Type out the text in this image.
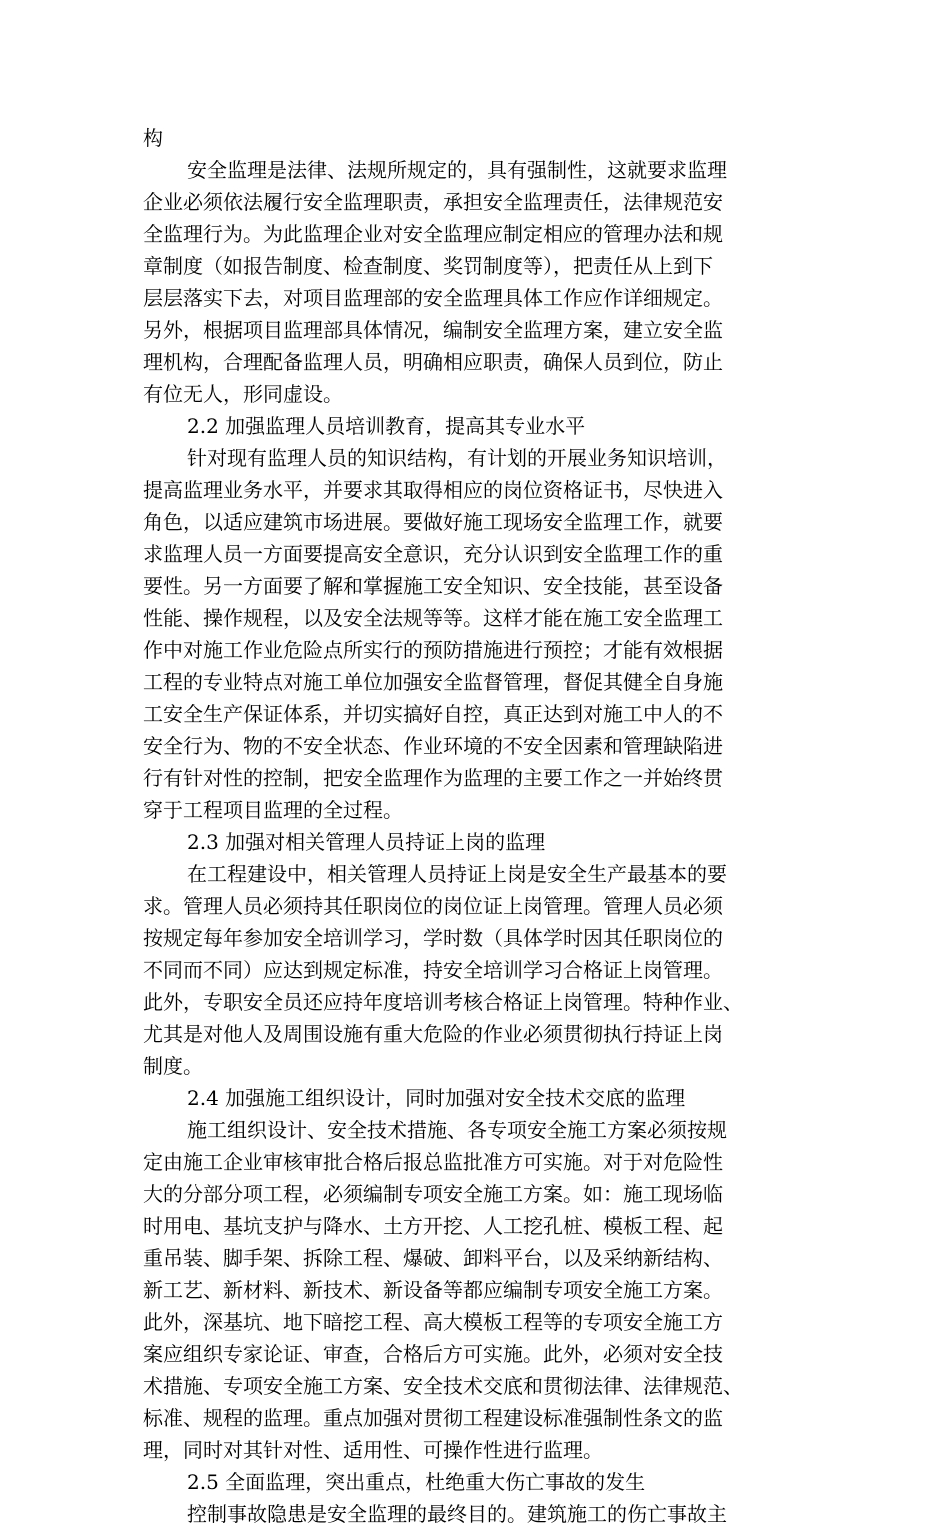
构
安全监理是法律、法规所规定的，具有强制性，这就要求监理
企业必须依法履行安全监理职责，承担安全监理责任，法律规范安
全监理行为。为此监理企业对安全监理应制定相应的管理办法和规
章制度（如报告制度、检查制度、奖罚制度等），把责任从上到下
层层落实下去，对项目监理部的安全监理具体工作应作详细规定。
另外，根据项目监理部具体情况，编制安全监理方案，建立安全监
理机构，合理配备监理人员，明确相应职责，确保人员到位，防止
有位无人，形同虚设。
2.2 加强监理人员培训教育，提高其专业水平
针对现有监理人员的知识结构，有计划的开展业务知识培训，
提高监理业务水平，并要求其取得相应的岗位资格证书，尽快进入
角色，以适应建筑市场进展。要做好施工现场安全监理工作，就要
求监理人员一方面要提高安全意识，充分认识到安全监理工作的重
要性。另一方面要了解和掌握施工安全知识、安全技能，甚至设备
性能、操作规程，以及安全法规等等。这样才能在施工安全监理工
作中对施工作业危险点所实行的预防措施进行预控；才能有效根据
工程的专业特点对施工单位加强安全监督管理，督促其健全自身施
工安全生产保证体系，并切实搞好自控，真正达到对施工中人的不
安全行为、物的不安全状态、作业环境的不安全因素和管理缺陷进
行有针对性的控制，把安全监理作为监理的主要工作之一并始终贯
穿于工程项目监理的全过程。
2.3 加强对相关管理人员持证上岗的监理
在工程建设中，相关管理人员持证上岗是安全生产最基本的要
求。管理人员必须持其任职岗位的岗位证上岗管理。管理人员必须
按规定每年参加安全培训学习，学时数（具体学时因其任职岗位的
不同而不同）应达到规定标准，持安全培训学习合格证上岗管理。
此外，专职安全员还应持年度培训考核合格证上岗管理。特种作业、
尤其是对他人及周围设施有重大危险的作业必须贯彻执行持证上岗
制度。
2.4 加强施工组织设计，同时加强对安全技术交底的监理
施工组织设计、安全技术措施、各专项安全施工方案必须按规
定由施工企业审核审批合格后报总监批准方可实施。对于对危险性
大的分部分项工程，必须编制专项安全施工方案。如：施工现场临
时用电、基坑支护与降水、土方开挖、人工挖孔桩、模板工程、起
重吊装、脚手架、拆除工程、爆破、卸料平台，以及采纳新结构、
新工艺、新材料、新技术、新设备等都应编制专项安全施工方案。
此外，深基坑、地下暗挖工程、高大模板工程等的专项安全施工方
案应组织专家论证、审查，合格后方可实施。此外，必须对安全技
术措施、专项安全施工方案、安全技术交底和贯彻法律、法律规范、
标准、规程的监理。重点加强对贯彻工程建设标准强制性条文的监
理，同时对其针对性、适用性、可操作性进行监理。
2.5 全面监理，突出重点，杜绝重大伤亡事故的发生
控制事故隐患是安全监理的最终目的。建筑施工的伤亡事故主
